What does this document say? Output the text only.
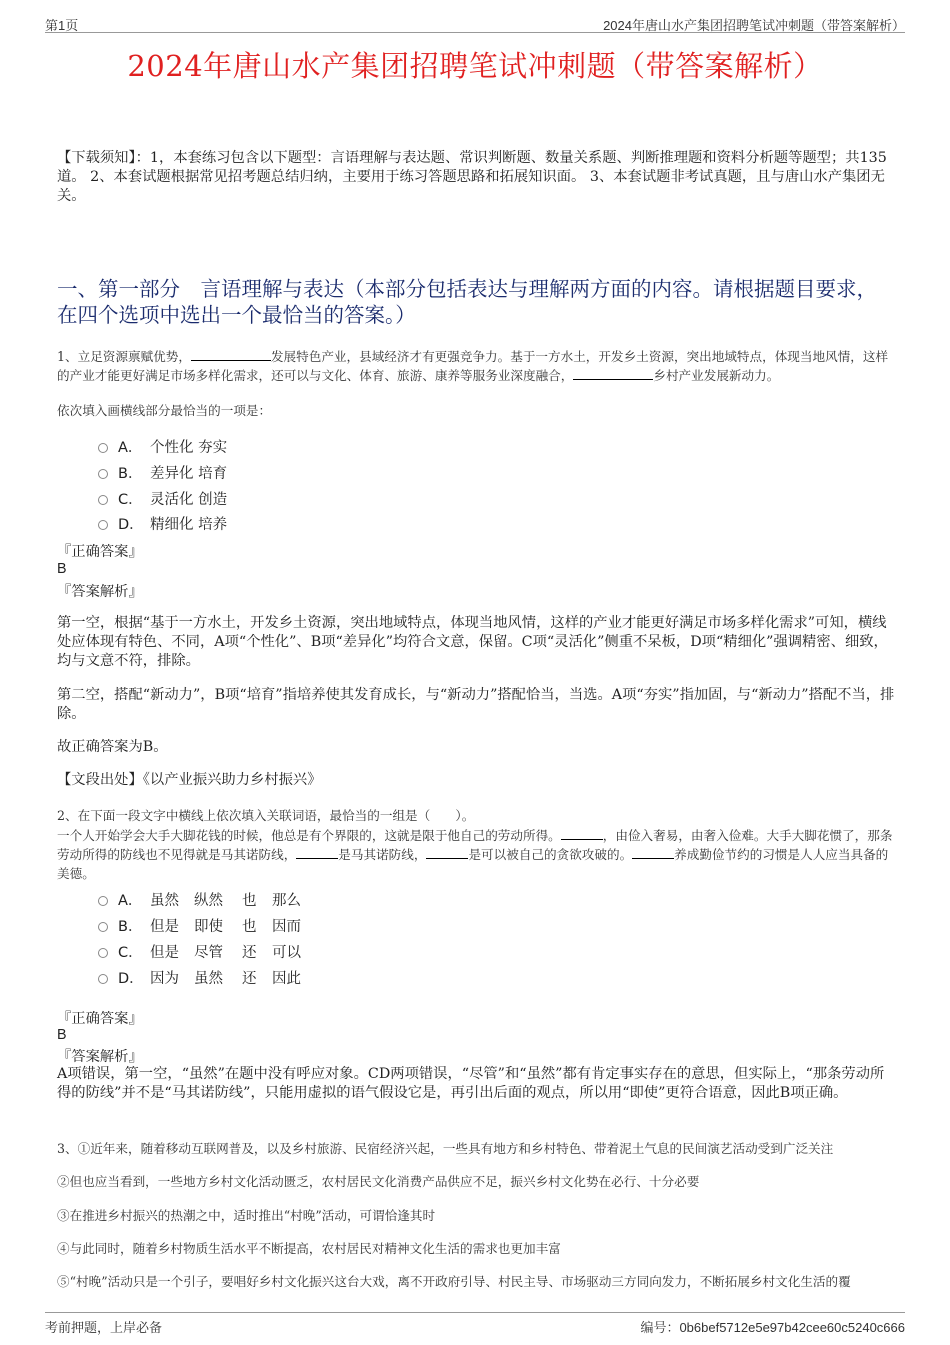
第1页	2024年唐山水产集团招聘笔试冲刺题（带答案解析）
2024年唐山水产集团招聘笔试冲刺题（带答案解析）
【下载须知】：1，本套练习包含以下题型：言语理解与表达题、常识判断题、数量关系题、判断推理题和资料分析题等题型；共135道。 2、本套试题根据常见招考题总结归纳，主要用于练习答题思路和拓展知识面。 3、本套试题非考试真题，且与唐山水产集团无关。
一、第一部分　言语理解与表达（本部分包括表达与理解两方面的内容。请根据题目要求，在四个选项中选出一个最恰当的答案。）
1、立足资源禀赋优势，	发展特色产业，县域经济才有更强竞争力。基于一方水土，开发乡土资源，突出地域特点，体现当地风情，这样的产业才能更好满足市场多样化需求，还可以与文化、体育、旅游、康养等服务业深度融合，	乡村产业发展新动力。
依次填入画横线部分最恰当的一项是：
A． 个性化 夯实
B． 差异化 培育
C． 灵活化 创造
D． 精细化 培养
『正确答案』
B
『答案解析』
第一空，根据“基于一方水土，开发乡土资源，突出地域特点，体现当地风情，这样的产业才能更好满足市场多样化需求”可知，横线处应体现有特色、不同，A项“个性化”、B项“差异化”均符合文意，保留。C项“灵活化”侧重不呆板，D项“精细化”强调精密、细致，均与文意不符，排除。
第二空，搭配“新动力”，B项“培育”指培养使其发育成长，与“新动力”搭配恰当，当选。A项“夯实”指加固，与“新动力”搭配不当，排除。
故正确答案为B。
【文段出处】《以产业振兴助力乡村振兴》
2、在下面一段文字中横线上依次填入关联词语，最恰当的一组是（　　）。
一个人开始学会大手大脚花钱的时候，他总是有个界限的，这就是限于他自己的劳动所得。	，由俭入奢易，由奢入俭难。大手大脚花惯了，那条劳动所得的防线也不见得就是马其诺防线，	是马其诺防线，	是可以被自己的贪欲攻破的。	养成勤俭节约的习惯是人人应当具备的美德。
A． 虽然 纵然 也 那么
B． 但是 即使 也 因而
C． 但是 尽管 还 可以
D． 因为 虽然 还 因此
『正确答案』
B
『答案解析』
A项错误，第一空，“虽然”在题中没有呼应对象。CD两项错误，“尽管”和“虽然”都有肯定事实存在的意思，但实际上，“那条劳动所得的防线”并不是“马其诺防线”，只能用虚拟的语气假设它是，再引出后面的观点，所以用“即使”更符合语意，因此B项正确。
3、①近年来，随着移动互联网普及，以及乡村旅游、民宿经济兴起，一些具有地方和乡村特色、带着泥土气息的民间演艺活动受到广泛关注
②但也应当看到，一些地方乡村文化活动匮乏，农村居民文化消费产品供应不足，振兴乡村文化势在必行、十分必要
③在推进乡村振兴的热潮之中，适时推出“村晚”活动，可谓恰逢其时
④与此同时，随着乡村物质生活水平不断提高，农村居民对精神文化生活的需求也更加丰富
⑤“村晚”活动只是一个引子，要唱好乡村文化振兴这台大戏，离不开政府引导、村民主导、市场驱动三方同向发力，不断拓展乡村文化生活的覆
考前押题，上岸必备	编号：0b6bef5712e5e97b42cee60c5240c666
